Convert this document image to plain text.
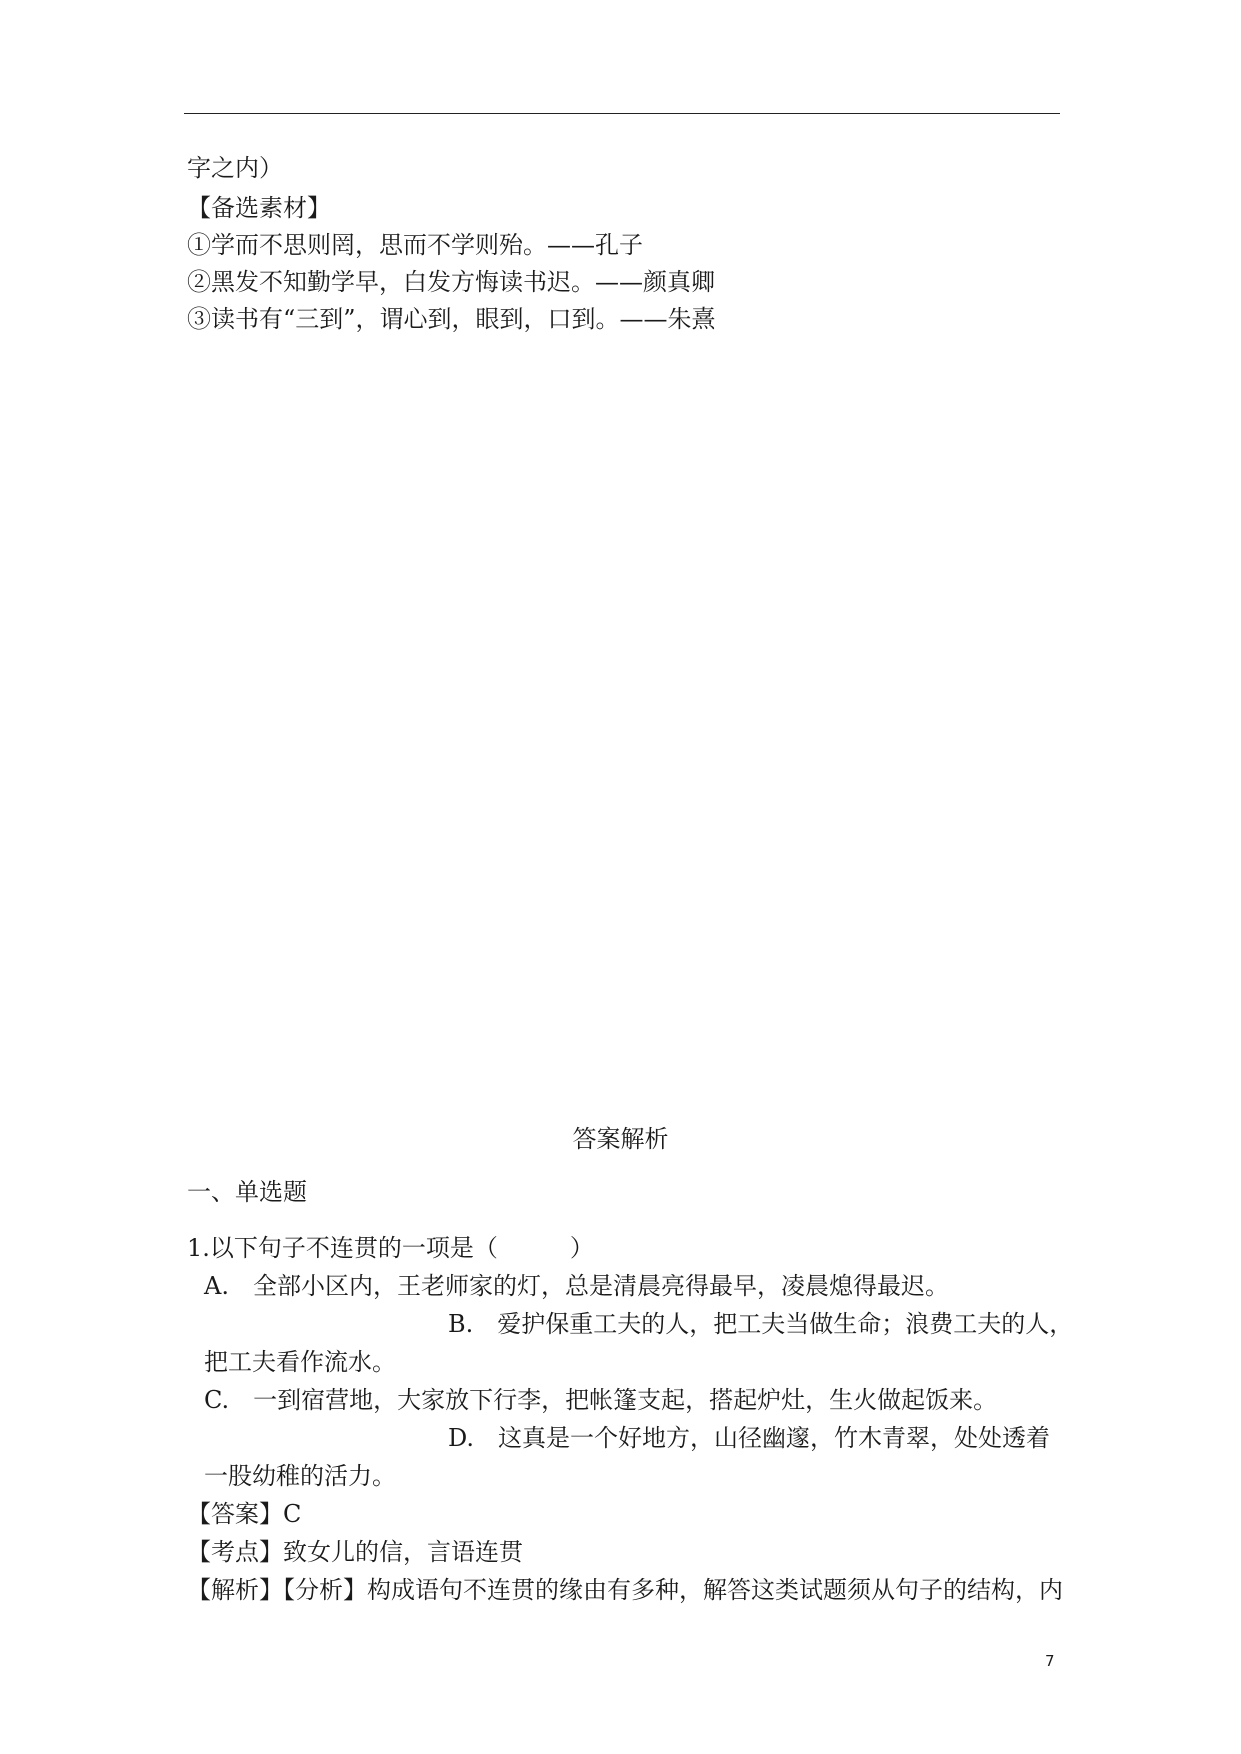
字之内）
【备选素材】
①学而不思则罔，思而不学则殆。——孔子
②黑发不知勤学早，白发方悔读书迟。——颜真卿
③读书有“三到”，谓心到，眼到，口到。——朱熹
答案解析
一、单选题
1.以下句子不连贯的一项是（　　　）
A.　全部小区内，王老师家的灯，总是清晨亮得最早，凌晨熄得最迟。
B.　爱护保重工夫的人，把工夫当做生命；浪费工夫的人，
把工夫看作流水。
C.　一到宿营地，大家放下行李，把帐篷支起，搭起炉灶，生火做起饭来。
D.　这真是一个好地方，山径幽邃，竹木青翠，处处透着
一股幼稚的活力。
【答案】C
【考点】致女儿的信，言语连贯
【解析】【分析】构成语句不连贯的缘由有多种，解答这类试题须从句子的结构，内
7
